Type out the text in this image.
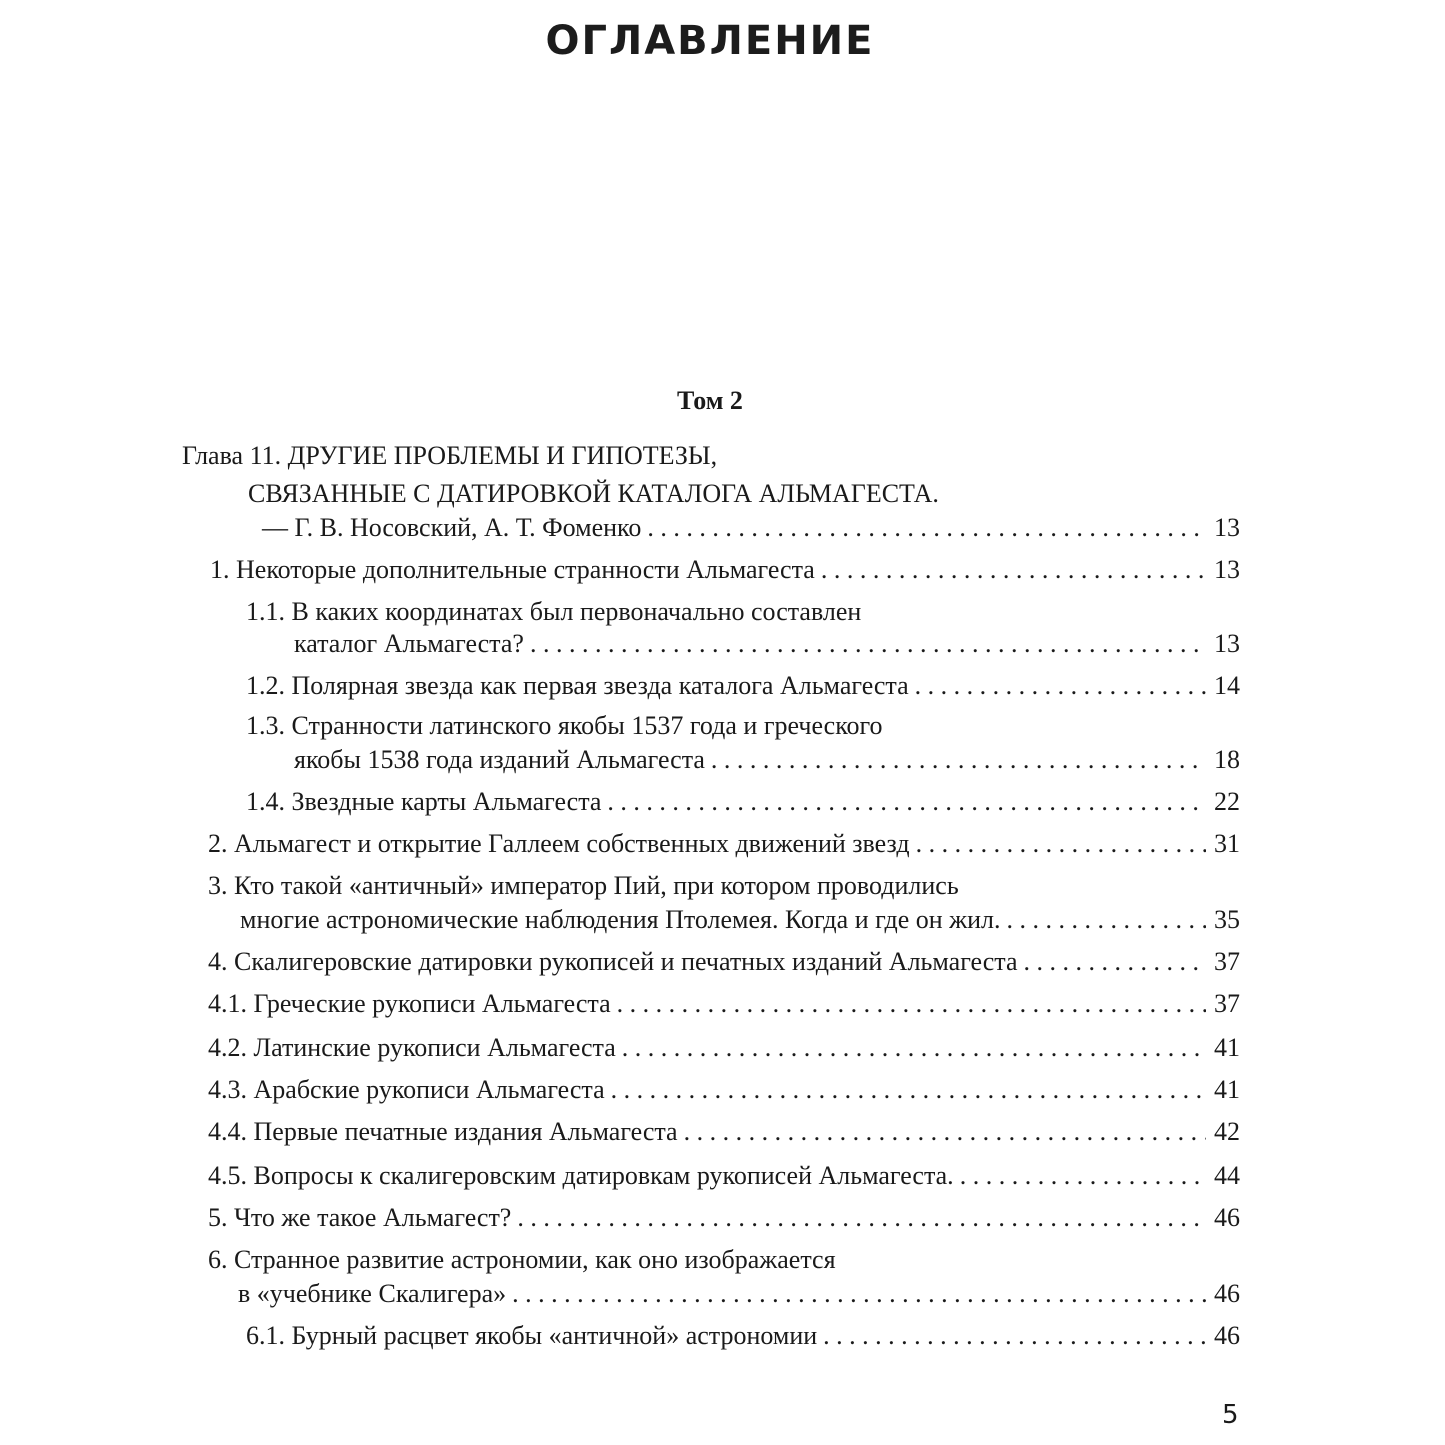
ОГЛАВЛЕНИЕ
Том 2
Глава 11. ДРУГИЕ ПРОБЛЕМЫ И ГИПОТЕЗЫ,
СВЯЗАННЫЕ С ДАТИРОВКОЙ КАТАЛОГА АЛЬМАГЕСТА.
— Г. В. Носовский, А. Т. Фоменко . . .	13
1. Некоторые дополнительные странности Альмагеста . . .	13
1.1. В каких координатах был первоначально составлен
каталог Альмагеста? . . .	13
1.2. Полярная звезда как первая звезда каталога Альмагеста . . .	14
1.3. Странности латинского якобы 1537 года и греческого
якобы 1538 года изданий Альмагеста . . .	18
1.4. Звездные карты Альмагеста . . .	22
2. Альмагест и открытие Галлеем собственных движений звезд . . .	31
3. Кто такой «античный» император Пий, при котором проводились
многие астрономические наблюдения Птолемея. Когда и где он жил. . . .	35
4. Скалигеровские датировки рукописей и печатных изданий Альмагеста . . .	37
4.1. Греческие рукописи Альмагеста . . .	37
4.2. Латинские рукописи Альмагеста . . .	41
4.3. Арабские рукописи Альмагеста . . .	41
4.4. Первые печатные издания Альмагеста . . .	42
4.5. Вопросы к скалигеровским датировкам рукописей Альмагеста. . . .	44
5. Что же такое Альмагест? . . .	46
6. Странное развитие астрономии, как оно изображается
в «учебнике Скалигера» . . .	46
6.1. Бурный расцвет якобы «античной» астрономии . . .	46
5
